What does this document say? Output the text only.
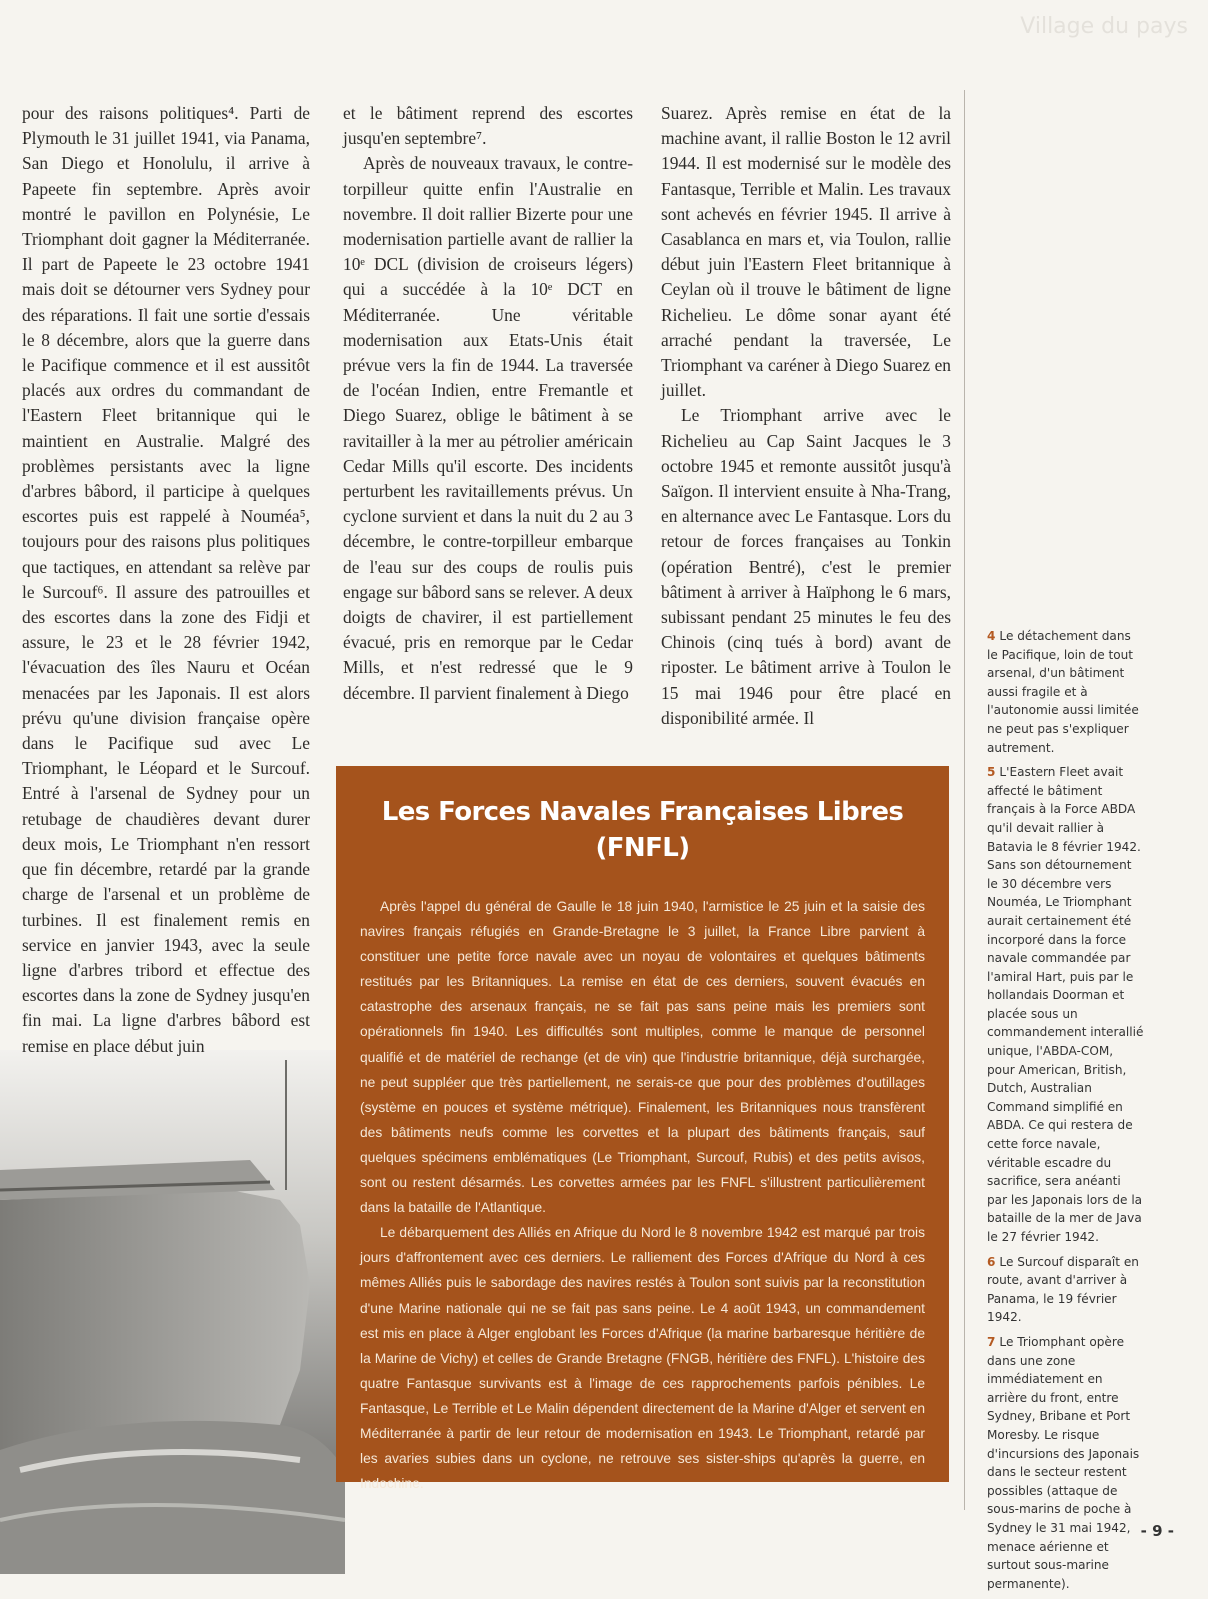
Village du pays

pour des raisons politiques⁴. Parti de Plymouth le 31 juillet 1941, via Panama, San Diego et Honolulu, il arrive à Papeete fin septembre. Après avoir montré le pavillon en Polynésie, Le Triomphant doit gagner la Méditerranée. Il part de Papeete le 23 octobre 1941 mais doit se détourner vers Sydney pour des réparations. Il fait une sortie d'essais le 8 décembre, alors que la guerre dans le Pacifique commence et il est aussitôt placés aux ordres du commandant de l'Eastern Fleet britannique qui le maintient en Australie. Malgré des problèmes persistants avec la ligne d'arbres bâbord, il participe à quelques escortes puis est rappelé à Nouméa⁵, toujours pour des raisons plus politiques que tactiques, en attendant sa relève par le Surcouf⁶. Il assure des patrouilles et des escortes dans la zone des Fidji et assure, le 23 et le 28 février 1942, l'évacuation des îles Nauru et Océan menacées par les Japonais. Il est alors prévu qu'une division française opère dans le Pacifique sud avec Le Triomphant, le Léopard et le Surcouf. Entré à l'arsenal de Sydney pour un retubage de chaudières devant durer deux mois, Le Triomphant n'en ressort que fin décembre, retardé par la grande charge de l'arsenal et un problème de turbines. Il est finalement remis en service en janvier 1943, avec la seule ligne d'arbres tribord et effectue des escortes dans la zone de Sydney jusqu'en fin mai. La ligne d'arbres bâbord est remise en place début juin

et le bâtiment reprend des escortes jusqu'en septembre⁷.

Après de nouveaux travaux, le contre-torpilleur quitte enfin l'Australie en novembre. Il doit rallier Bizerte pour une modernisation partielle avant de rallier la 10ᵉ DCL (division de croiseurs légers) qui a succédée à la 10ᵉ DCT en Méditerranée. Une véritable modernisation aux Etats-Unis était prévue vers la fin de 1944. La traversée de l'océan Indien, entre Fremantle et Diego Suarez, oblige le bâtiment à se ravitailler à la mer au pétrolier américain Cedar Mills qu'il escorte. Des incidents perturbent les ravitaillements prévus. Un cyclone survient et dans la nuit du 2 au 3 décembre, le contre-torpilleur embarque de l'eau sur des coups de roulis puis engage sur bâbord sans se relever. A deux doigts de chavirer, il est partiellement évacué, pris en remorque par le Cedar Mills, et n'est redressé que le 9 décembre. Il parvient finalement à Diego

Suarez. Après remise en état de la machine avant, il rallie Boston le 12 avril 1944. Il est modernisé sur le modèle des Fantasque, Terrible et Malin. Les travaux sont achevés en février 1945. Il arrive à Casablanca en mars et, via Toulon, rallie début juin l'Eastern Fleet britannique à Ceylan où il trouve le bâtiment de ligne Richelieu. Le dôme sonar ayant été arraché pendant la traversée, Le Triomphant va caréner à Diego Suarez en juillet.

Le Triomphant arrive avec le Richelieu au Cap Saint Jacques le 3 octobre 1945 et remonte aussitôt jusqu'à Saïgon. Il intervient ensuite à Nha-Trang, en alternance avec Le Fantasque. Lors du retour de forces françaises au Tonkin (opération Bentré), c'est le premier bâtiment à arriver à Haïphong le 6 mars, subissant pendant 25 minutes le feu des Chinois (cinq tués à bord) avant de riposter. Le bâtiment arrive à Toulon le 15 mai 1946 pour être placé en disponibilité armée. Il

4 Le détachement dans le Pacifique, loin de tout arsenal, d'un bâtiment aussi fragile et à l'autonomie aussi limitée ne peut pas s'expliquer autrement.
5 L'Eastern Fleet avait affecté le bâtiment français à la Force ABDA qu'il devait rallier à Batavia le 8 février 1942. Sans son détournement le 30 décembre vers Nouméa, Le Triomphant aurait certainement été incorporé dans la force navale commandée par l'amiral Hart, puis par le hollandais Doorman et placée sous un commandement interallié unique, l'ABDA-COM, pour American, British, Dutch, Australian Command simplifié en ABDA. Ce qui restera de cette force navale, véritable escadre du sacrifice, sera anéanti par les Japonais lors de la bataille de la mer de Java le 27 février 1942.
6 Le Surcouf disparaît en route, avant d'arriver à Panama, le 19 février 1942.
7 Le Triomphant opère dans une zone immédiatement en arrière du front, entre Sydney, Bribane et Port Moresby. Le risque d'incursions des Japonais dans le secteur restent possibles (attaque de sous-marins de poche à Sydney le 31 mai 1942, menace aérienne et surtout sous-marine permanente).
Les Forces Navales Françaises Libres (FNFL)

Après l'appel du général de Gaulle le 18 juin 1940, l'armistice le 25 juin et la saisie des navires français réfugiés en Grande-Bretagne le 3 juillet, la France Libre parvient à constituer une petite force navale avec un noyau de volontaires et quelques bâtiments restitués par les Britanniques. La remise en état de ces derniers, souvent évacués en catastrophe des arsenaux français, ne se fait pas sans peine mais les premiers sont opérationnels fin 1940. Les difficultés sont multiples, comme le manque de personnel qualifié et de matériel de rechange (et de vin) que l'industrie britannique, déjà surchargée, ne peut suppléer que très partiellement, ne serais-ce que pour des problèmes d'outillages (système en pouces et système métrique). Finalement, les Britanniques nous transfèrent des bâtiments neufs comme les corvettes et la plupart des bâtiments français, sauf quelques spécimens emblématiques (Le Triomphant, Surcouf, Rubis) et des petits avisos, sont ou restent désarmés. Les corvettes armées par les FNFL s'illustrent particulièrement dans la bataille de l'Atlantique.

Le débarquement des Alliés en Afrique du Nord le 8 novembre 1942 est marqué par trois jours d'affrontement avec ces derniers. Le ralliement des Forces d'Afrique du Nord à ces mêmes Alliés puis le sabordage des navires restés à Toulon sont suivis par la reconstitution d'une Marine nationale qui ne se fait pas sans peine. Le 4 août 1943, un commandement est mis en place à Alger englobant les Forces d'Afrique (la marine barbaresque héritière de la Marine de Vichy) et celles de Grande Bretagne (FNGB, héritière des FNFL). L'histoire des quatre Fantasque survivants est à l'image de ces rapprochements parfois pénibles. Le Fantasque, Le Terrible et Le Malin dépendent directement de la Marine d'Alger et servent en Méditerranée à partir de leur retour de modernisation en 1943. Le Triomphant, retardé par les avaries subies dans un cyclone, ne retrouve ses sister-ships qu'après la guerre, en Indochine.

- 9 -
